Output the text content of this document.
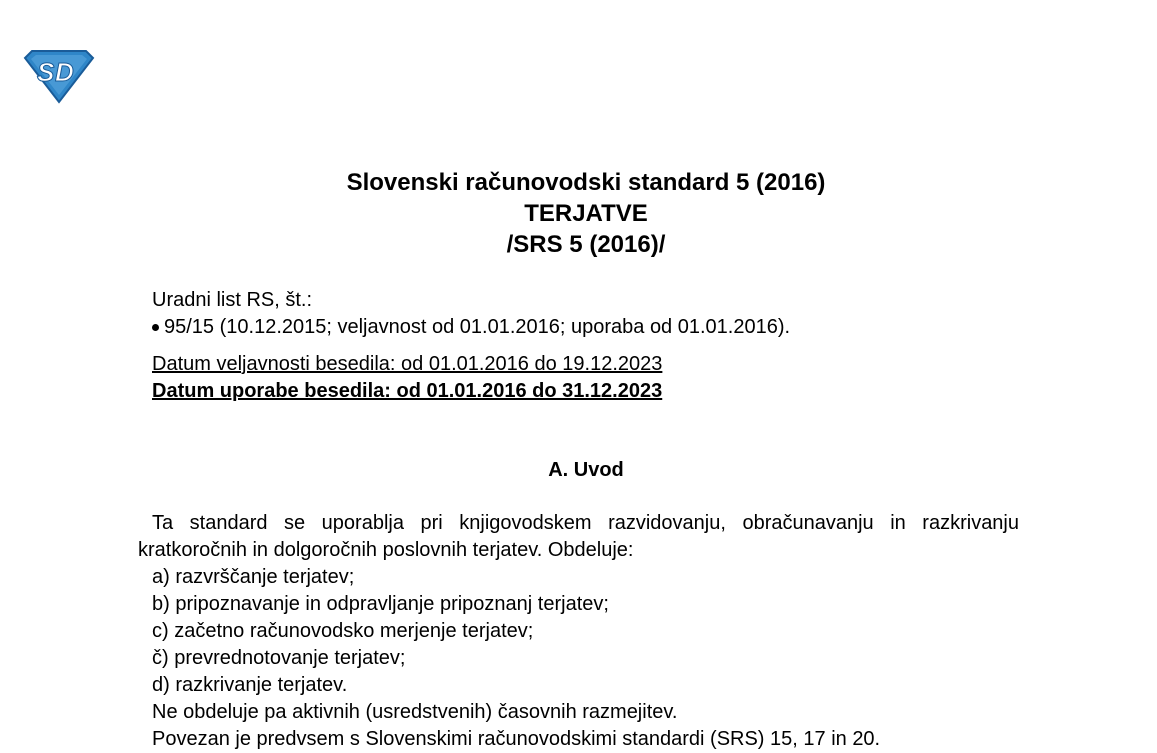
S D
Slovenski računovodski standard 5 (2016)
TERJATVE
/SRS 5 (2016)/
Uradni list RS, št.:
95/15 (10.12.2015; veljavnost od 01.01.2016; uporaba od 01.01.2016).
Datum veljavnosti besedila: od 01.01.2016 do 19.12.2023
Datum uporabe besedila: od 01.01.2016 do 31.12.2023
A. Uvod

Ta standard se uporablja pri knjigovodskem razvidovanju, obračunavanju in razkrivanju kratkoročnih in dolgoročnih poslovnih terjatev. Obdeluje:

a) razvrščanje terjatev;
b) pripoznavanje in odpravljanje pripoznanj terjatev;
c) začetno računovodsko merjenje terjatev;
č) prevrednotovanje terjatev;
d) razkrivanje terjatev.

Ne obdeluje pa aktivnih (usredstvenih) časovnih razmejitev.

Povezan je predvsem s Slovenskimi računovodskimi standardi (SRS) 15, 17 in 20.
